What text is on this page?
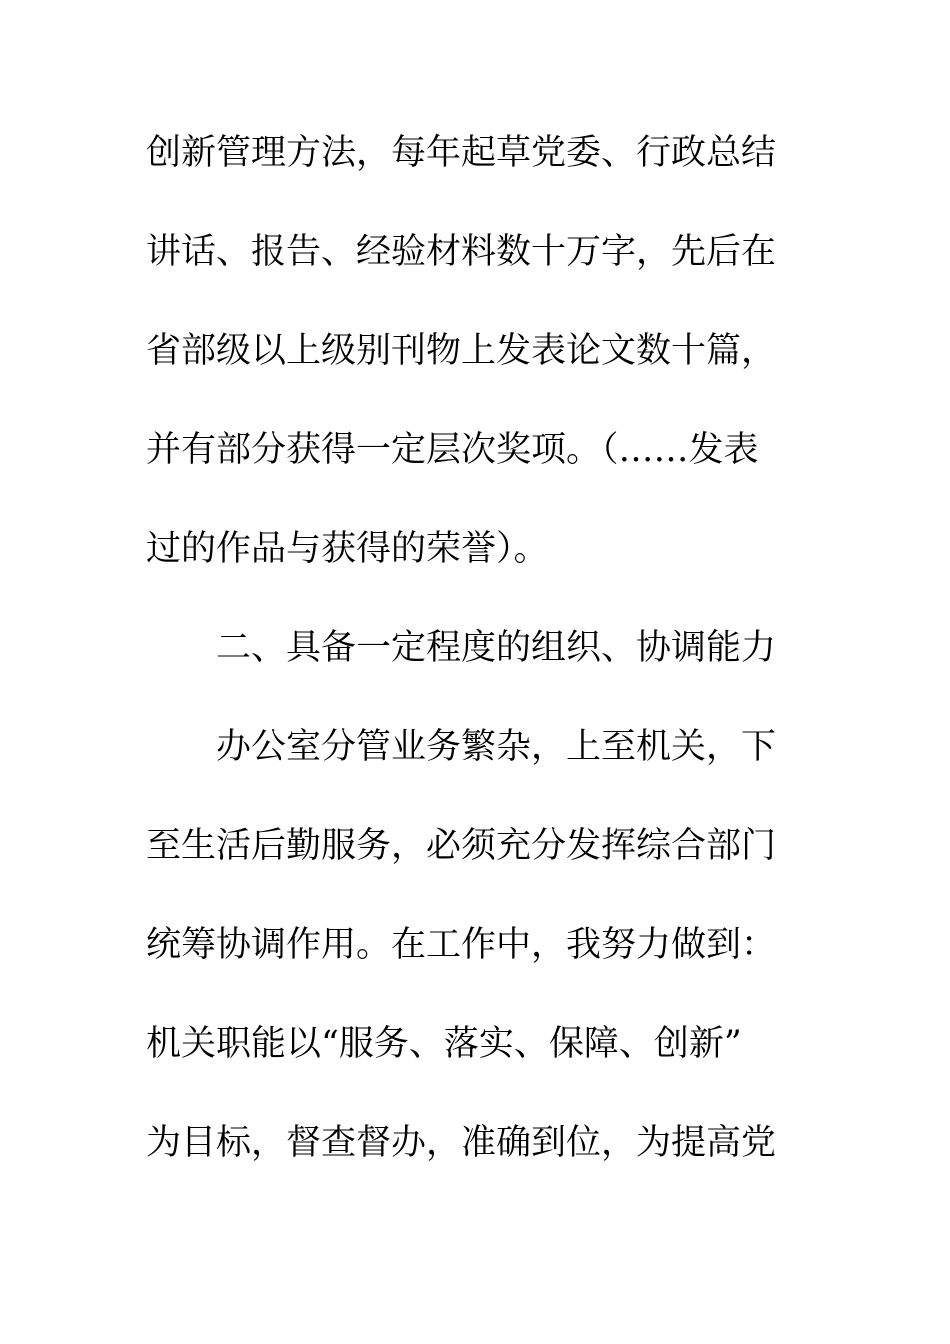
创新管理方法，每年起草党委、行政总结
讲话、报告、经验材料数十万字，先后在
省部级以上级别刊物上发表论文数十篇，
并有部分获得一定层次奖项。（……发表
过的作品与获得的荣誉）。
二、具备一定程度的组织、协调能力
办公室分管业务繁杂，上至机关，下
至生活后勤服务，必须充分发挥综合部门
统筹协调作用。在工作中，我努力做到：
机关职能以“服务、落实、保障、创新”
为目标，督查督办，准确到位，为提高党
